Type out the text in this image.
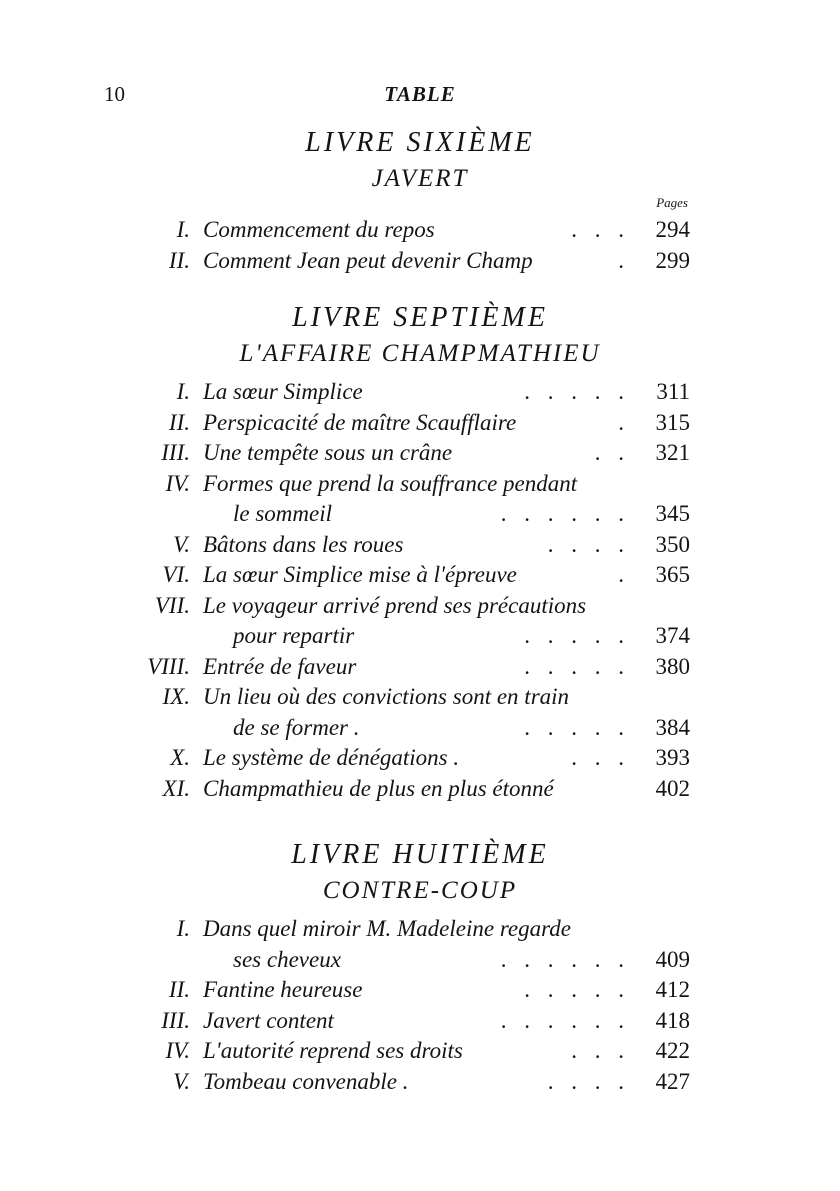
10	TABLE
LIVRE SIXIÈME
JAVERT
Pages
I. Commencement du repos	. . .	294
II. Comment Jean peut devenir Champ	.	299
LIVRE SEPTIÈME
L'AFFAIRE CHAMPMATHIEU
I. La sœur Simplice	. . . . .	311
II. Perspicacité de maître Scaufflaire	.	315
III. Une tempête sous un crâne	. .	321
IV. Formes que prend la souffrance pendant
le sommeil	. . . . . .	345
V. Bâtons dans les roues	. . . .	350
VI. La sœur Simplice mise à l'épreuve	.	365
VII. Le voyageur arrivé prend ses précautions
pour repartir	. . . . .	374
VIII. Entrée de faveur	. . . . .	380
IX. Un lieu où des convictions sont en train
de se former .	. . . . .	384
X. Le système de dénégations .	. . .	393
XI. Champmathieu de plus en plus étonné	402
LIVRE HUITIÈME
CONTRE-COUP
I. Dans quel miroir M. Madeleine regarde
ses cheveux	. . . . . .	409
II. Fantine heureuse	. . . . .	412
III. Javert content	. . . . . .	418
IV. L'autorité reprend ses droits	. . .	422
V. Tombeau convenable .	. . . .	427
